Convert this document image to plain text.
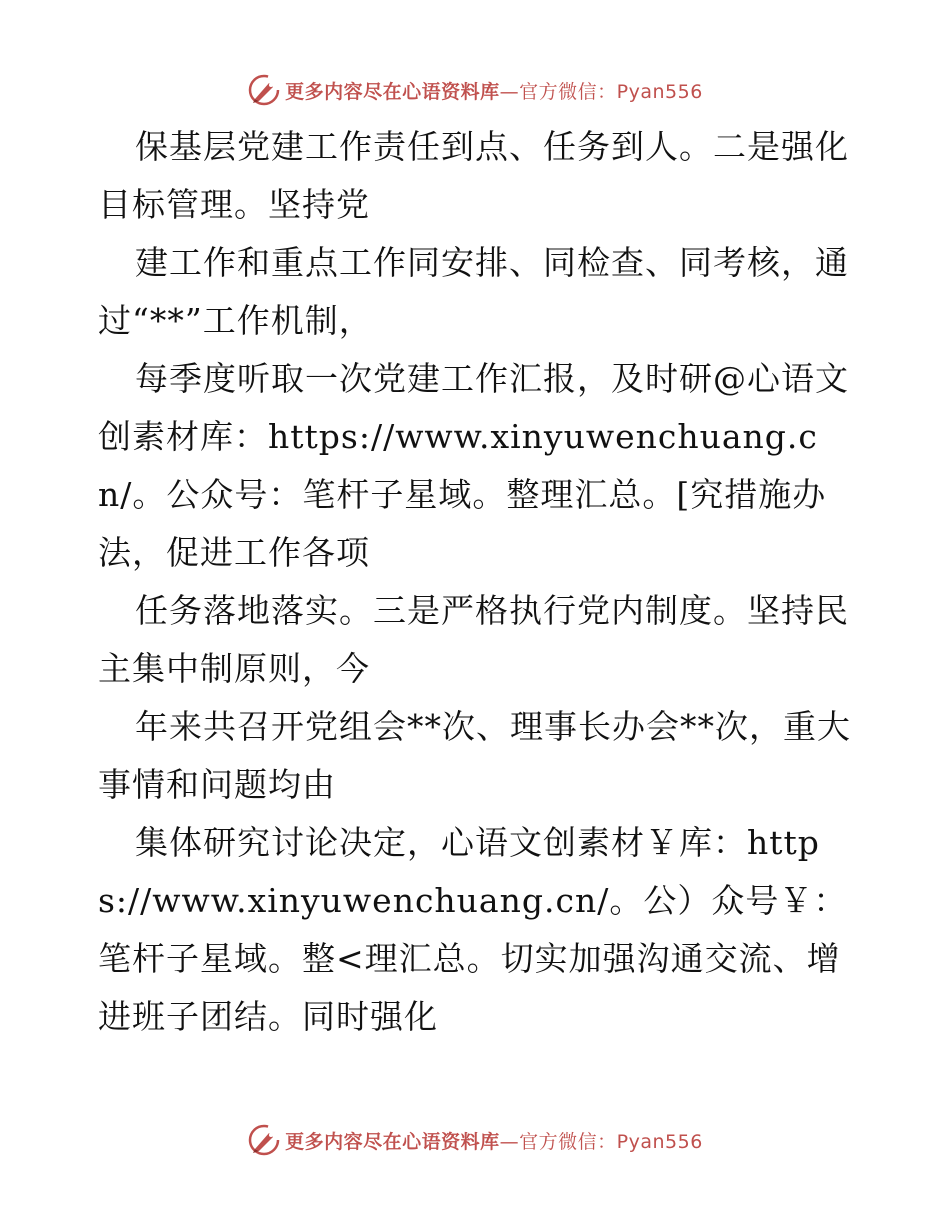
更多内容尽在心语资料库—官方微信：Pyan556

保基层党建工作责任到点、任务到人。二是强化目标管理。坚持党

建工作和重点工作同安排、同检查、同考核，通过“**”工作机制，

每季度听取一次党建工作汇报，及时研@心语文创素材库：https://www.xinyuwenchuang.cn/。公众号：笔杆子星域。整理汇总。[究措施办法，促进工作各项

任务落地落实。三是严格执行党内制度。坚持民主集中制原则，今

年来共召开党组会**次、理事长办会**次，重大事情和问题均由

集体研究讨论决定，心语文创素材￥库：https://www.xinyuwenchuang.cn/。公）众号￥：笔杆子星域。整<理汇总。切实加强沟通交流、增进班子团结。同时强化

更多内容尽在心语资料库—官方微信：Pyan556
